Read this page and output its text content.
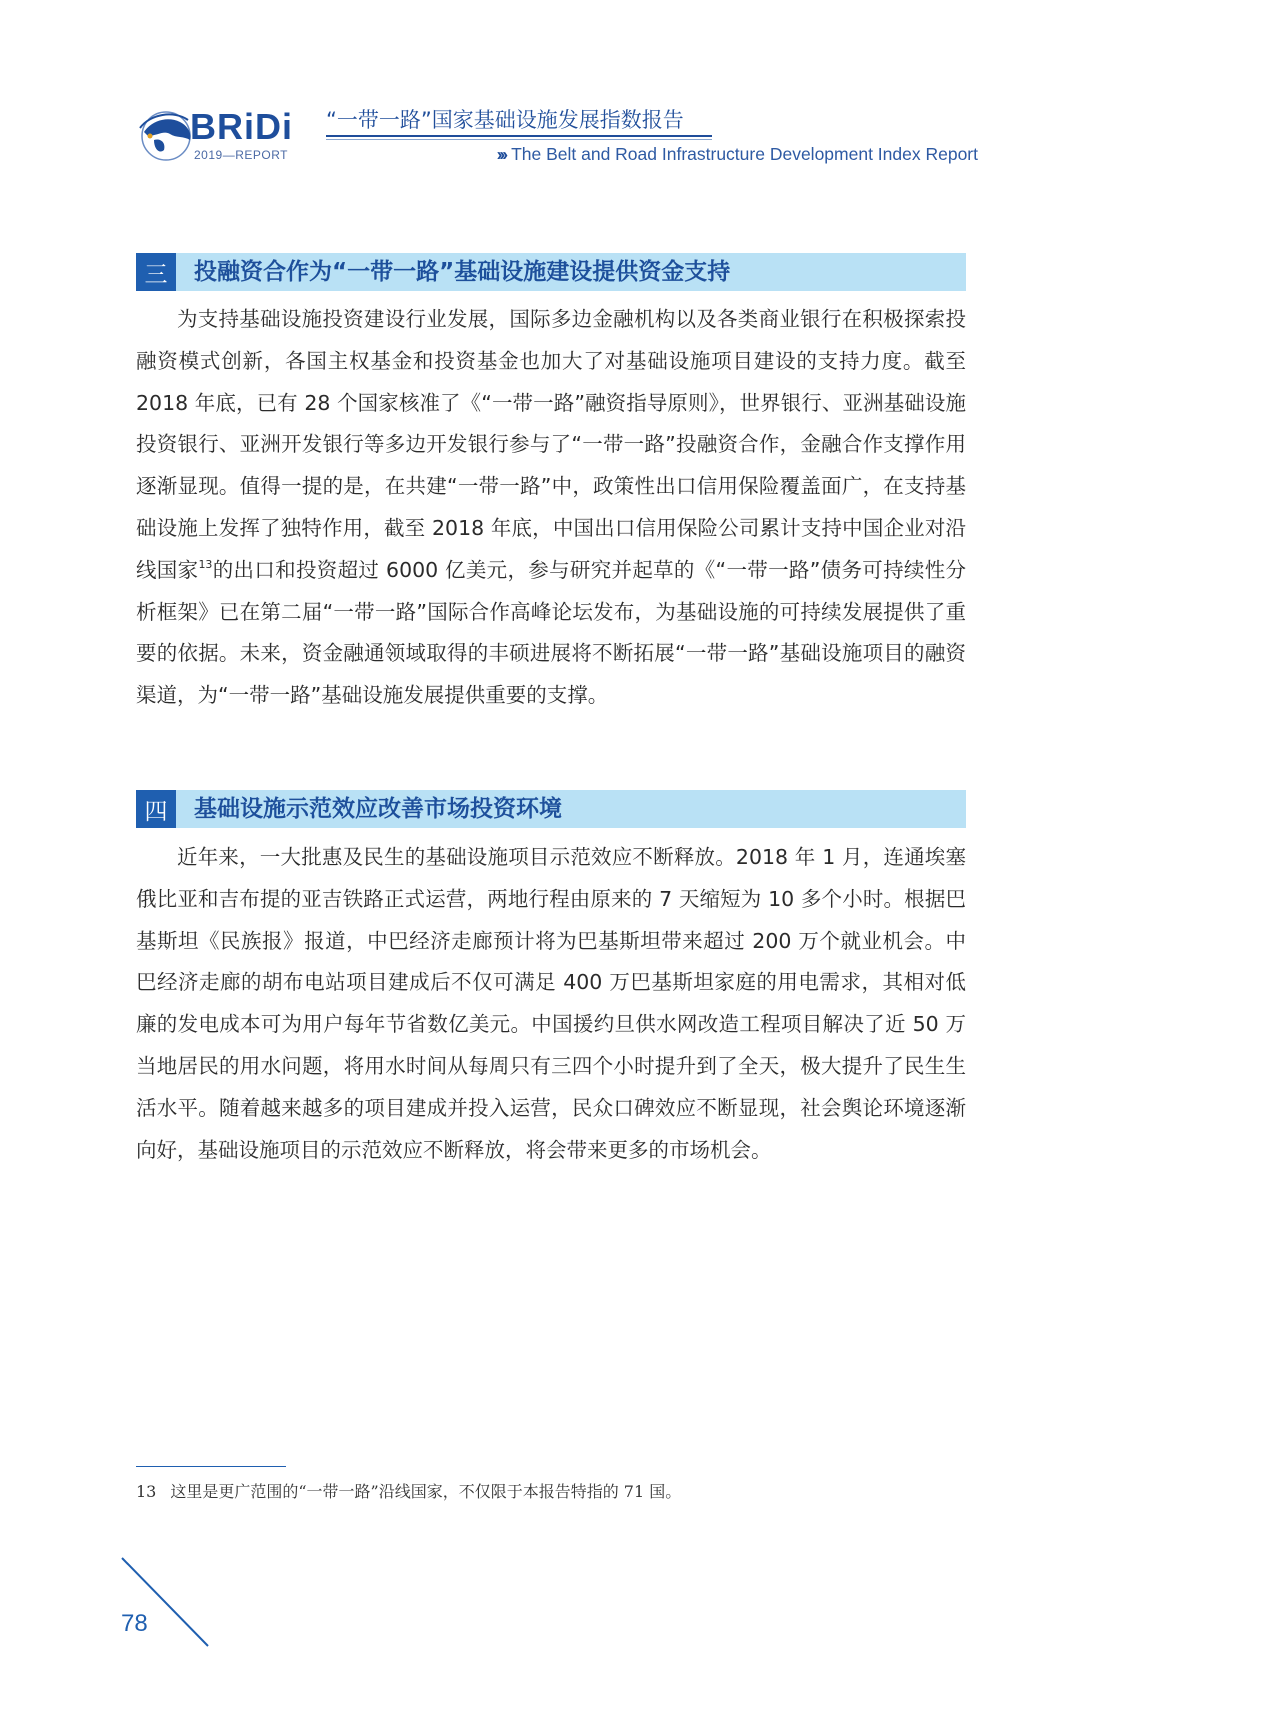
BRiDi
2019—REPORT
“一带一路”国家基础设施发展指数报告
››› The Belt and Road Infrastructure Development Index Report
三	投融资合作为“一带一路”基础设施建设提供资金支持

为支持基础设施投资建设行业发展，国际多边金融机构以及各类商业银行在积极探索投融资模式创新，各国主权基金和投资基金也加大了对基础设施项目建设的支持力度。截至 2018 年底，已有 28 个国家核准了《“一带一路”融资指导原则》，世界银行、亚洲基础设施投资银行、亚洲开发银行等多边开发银行参与了“一带一路”投融资合作，金融合作支撑作用逐渐显现。值得一提的是，在共建“一带一路”中，政策性出口信用保险覆盖面广，在支持基础设施上发挥了独特作用，截至 2018 年底，中国出口信用保险公司累计支持中国企业对沿线国家$^{13}$的出口和投资超过 6000 亿美元，参与研究并起草的《“一带一路”债务可持续性分析框架》已在第二届“一带一路”国际合作高峰论坛发布，为基础设施的可持续发展提供了重要的依据。未来，资金融通领域取得的丰硕进展将不断拓展“一带一路”基础设施项目的融资渠道，为“一带一路”基础设施发展提供重要的支撑。

四	基础设施示范效应改善市场投资环境

近年来，一大批惠及民生的基础设施项目示范效应不断释放。2018 年 1 月，连通埃塞俄比亚和吉布提的亚吉铁路正式运营，两地行程由原来的 7 天缩短为 10 多个小时。根据巴基斯坦《民族报》报道，中巴经济走廊预计将为巴基斯坦带来超过 200 万个就业机会。中巴经济走廊的胡布电站项目建成后不仅可满足 400 万巴基斯坦家庭的用电需求，其相对低廉的发电成本可为用户每年节省数亿美元。中国援约旦供水网改造工程项目解决了近 50 万当地居民的用水问题，将用水时间从每周只有三四个小时提升到了全天，极大提升了民生生活水平。随着越来越多的项目建成并投入运营，民众口碑效应不断显现，社会舆论环境逐渐向好，基础设施项目的示范效应不断释放，将会带来更多的市场机会。

13 这里是更广范围的“一带一路”沿线国家，不仅限于本报告特指的 71 国。
78
